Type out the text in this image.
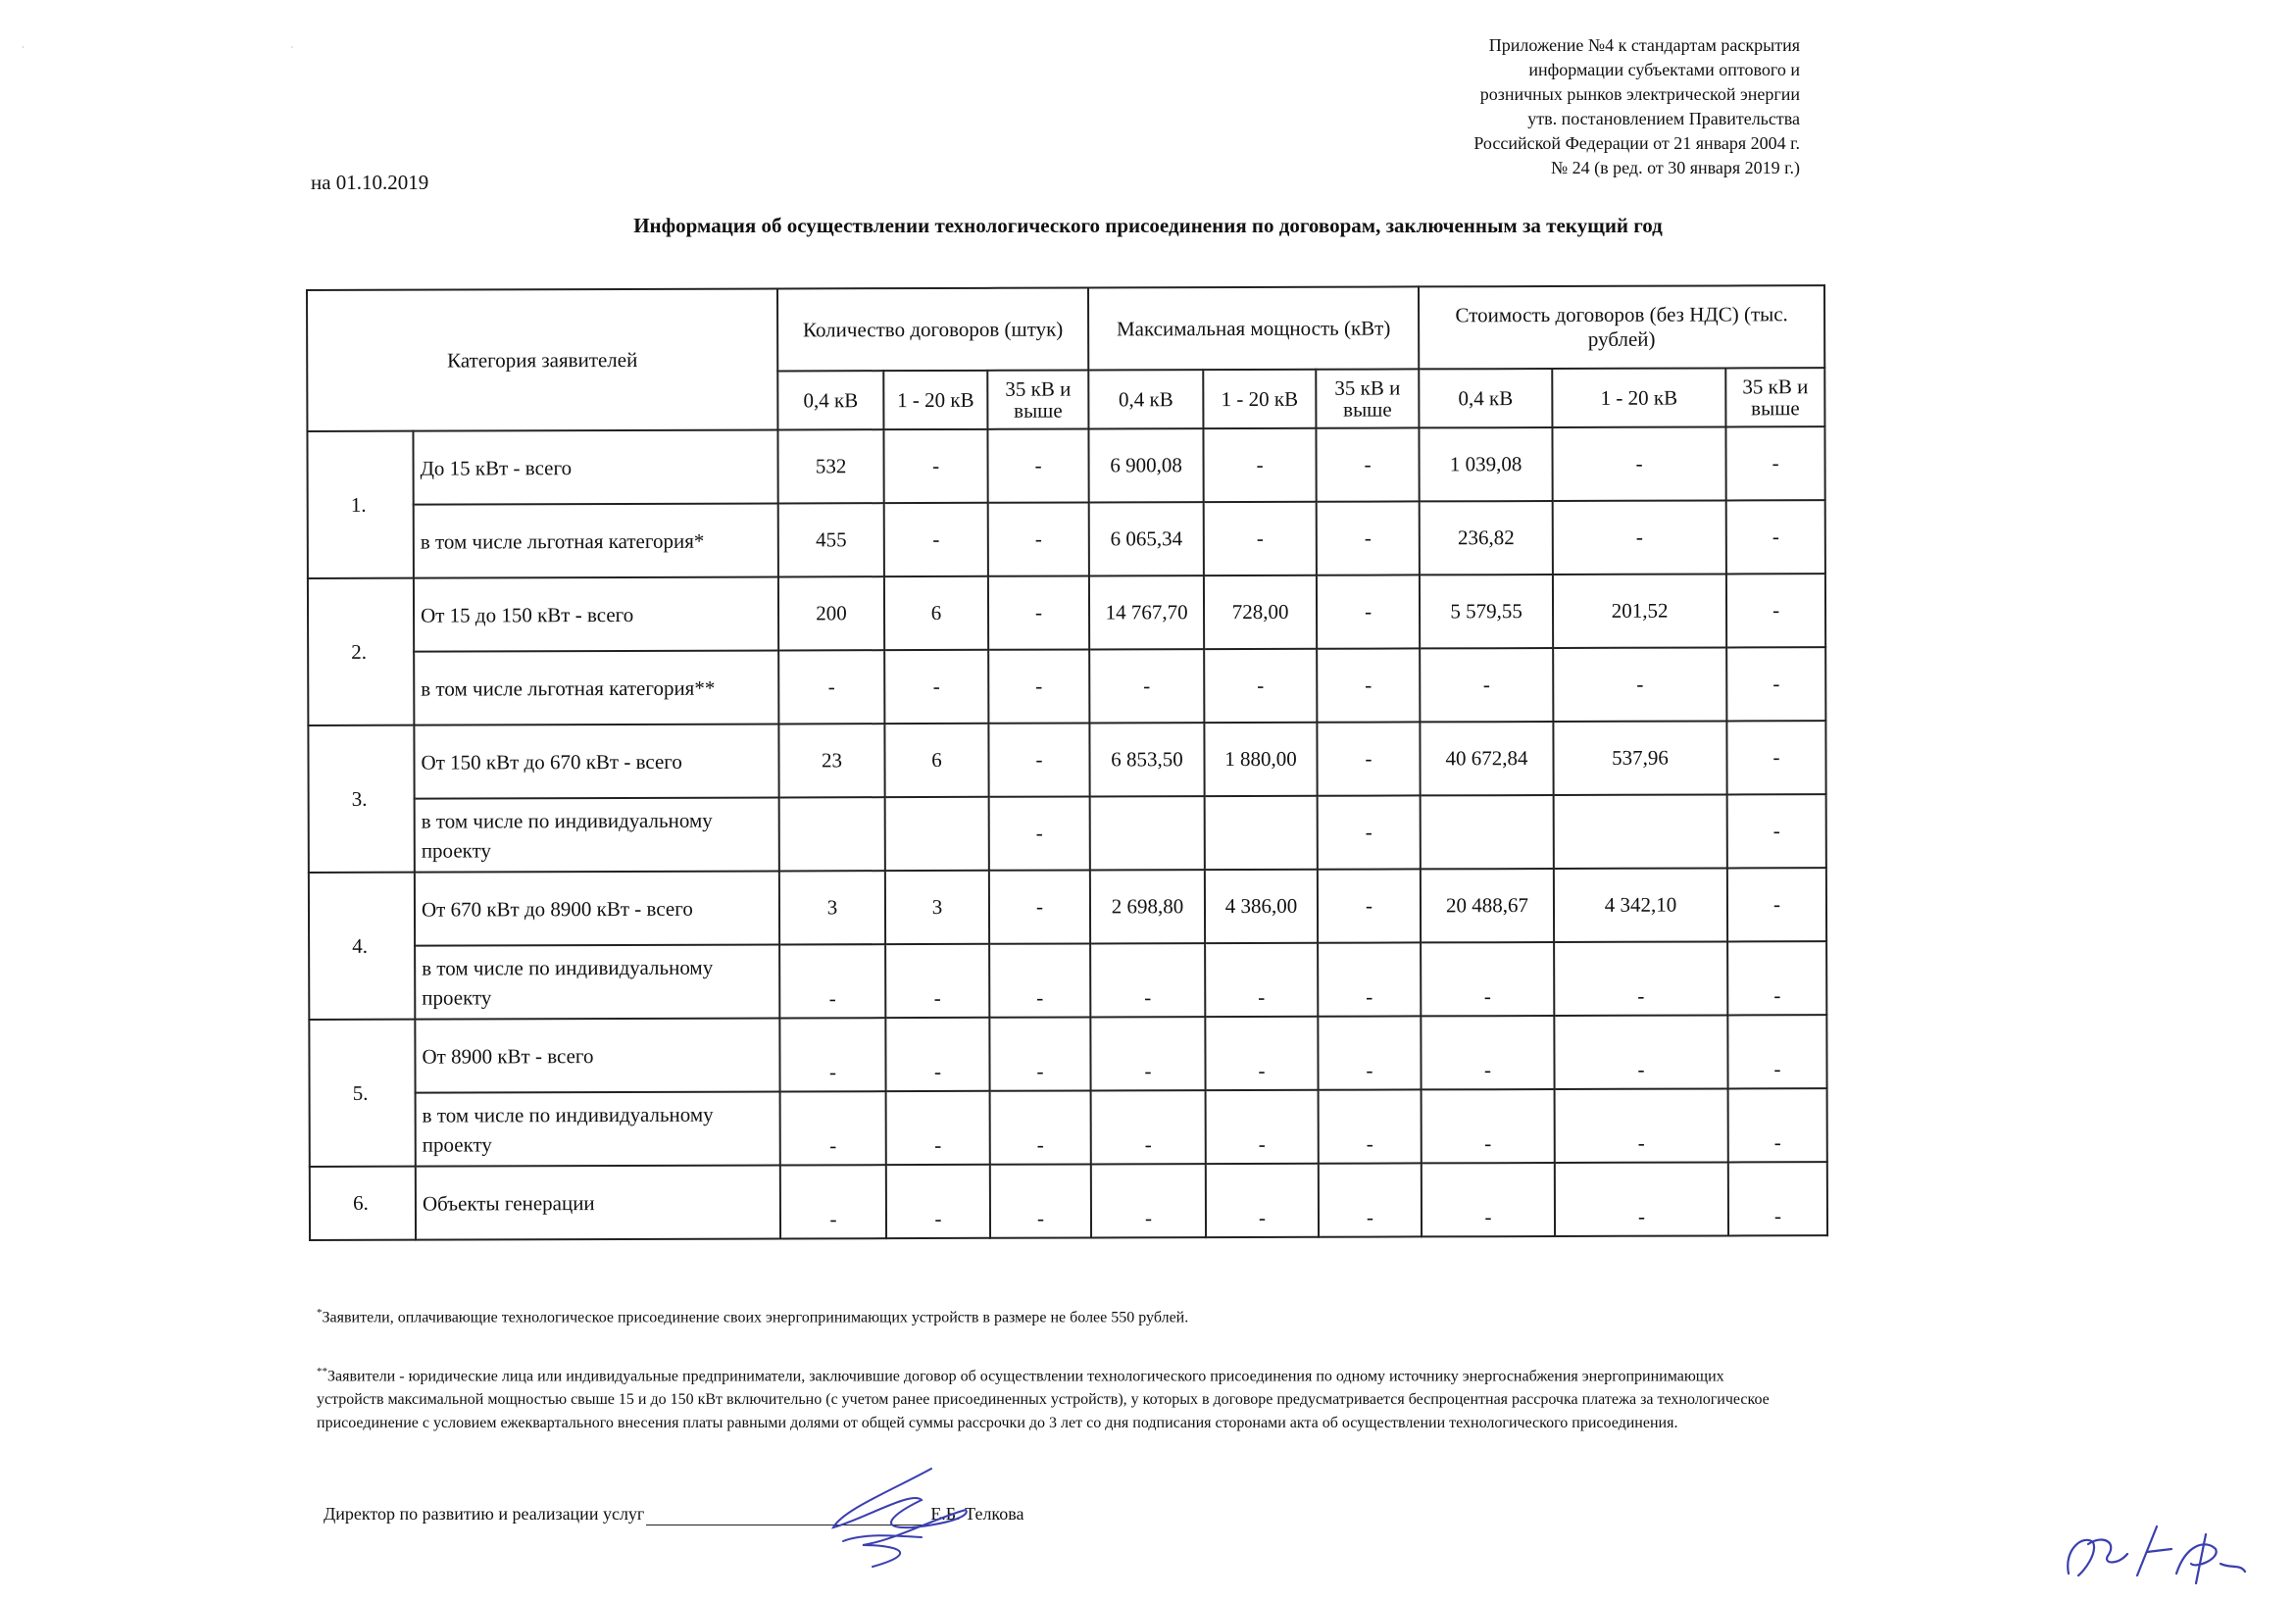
·                                                                                                                                        ·	Приложение №4 к стандартам раскрытия
информации субъектами оптового и
розничных рынков электрической энергии
утв. постановлением Правительства
Российской Федерации от 21 января 2004 г.
№ 24 (в ред. от 30 января 2019 г.)
на 01.10.2019
Информация об осуществлении технологического присоединения по договорам, заключенным за текущий год
Категория заявителей		Количество договоров (штук)			Максимальная мощность (кВт)			Стоимость договоров (без НДС) (тыс. рублей)		
		0,4 кВ	1 - 20 кВ	35 кВ и выше	0,4 кВ	1 - 20 кВ	35 кВ и выше	0,4 кВ	1 - 20 кВ	35 кВ и выше
1.	До 15 кВт - всего	532	-	-	6 900,08	-	-	1 039,08	-	-
	в том числе льготная категория*	455	-	-	6 065,34	-	-	236,82	-	-
2.	От 15 до 150 кВт - всего	200	6	-	14 767,70	728,00	-	5 579,55	201,52	-
	в том числе льготная категория**	-	-	-	-	-	-	-	-	-
3.	От 150 кВт до 670 кВт - всего	23	6	-	6 853,50	1 880,00	-	40 672,84	537,96	-
	в том числе по индивидуальному проекту			-			-			-
4.	От 670 кВт до 8900 кВт - всего	3	3	-	2 698,80	4 386,00	-	20 488,67	4 342,10	-
	в том числе по индивидуальному проекту	-	-	-	-	-	-	-	-	-
5.	От 8900 кВт - всего	-	-	-	-	-	-	-	-	-
	в том числе по индивидуальному проекту	-	-	-	-	-	-	-	-	-
6.	Объекты генерации	-	-	-	-	-	-	-	-	-
*Заявители, оплачивающие технологическое присоединение своих энергопринимающих устройств в размере не более 550 рублей.
**Заявители - юридические лица или индивидуальные предприниматели, заключившие договор об осуществлении технологического присоединения по одному источнику энергоснабжения энергопринимающих устройств максимальной мощностью свыше 15 и до 150 кВт включительно (с учетом ранее присоединенных устройств), у которых в договоре предусматривается беспроцентная рассрочка платежа за технологическое присоединение с условием ежеквартального внесения платы равными долями от общей суммы рассрочки до 3 лет со дня подписания сторонами акта об осуществлении технологического присоединения.
Директор по развитию и реализации услуг	Е.Б. Телкова
